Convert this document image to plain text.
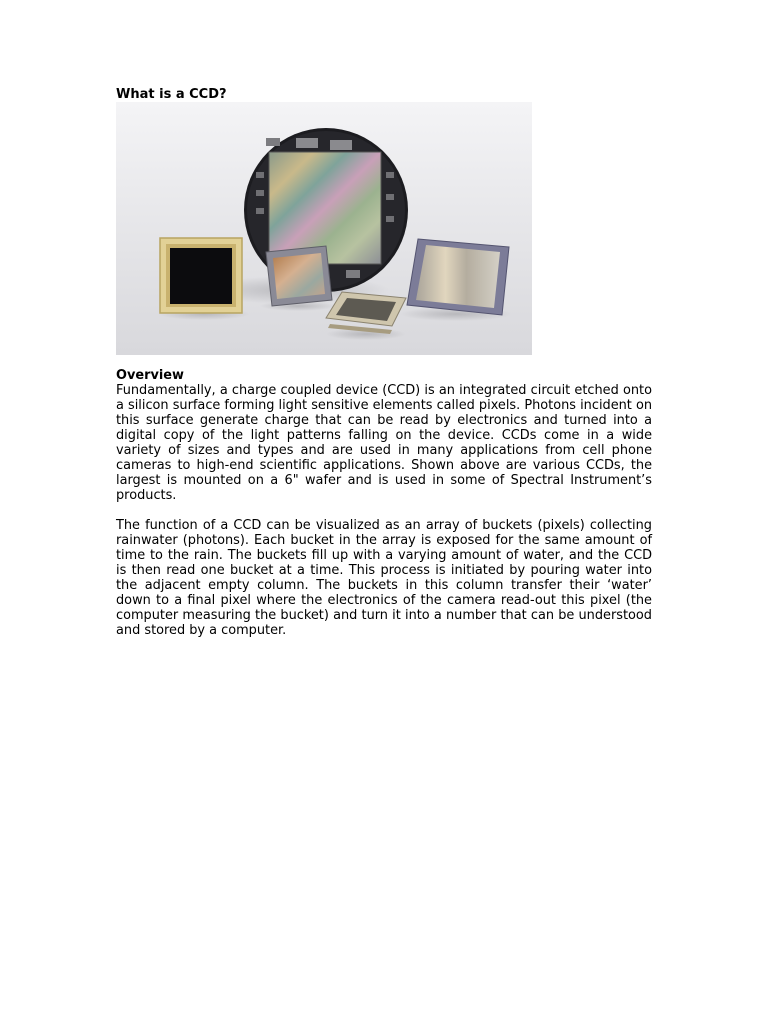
What is a CCD?

Overview

Fundamentally, a charge coupled device (CCD) is an integrated circuit etched onto a silicon surface forming light sensitive elements called pixels. Photons incident on this surface generate charge that can be read by electronics and turned into a digital copy of the light patterns falling on the device. CCDs come in a wide variety of sizes and types and are used in many applications from cell phone cameras to high-end scientific applications. Shown above are various CCDs, the largest is mounted on a 6" wafer and is used in some of Spectral Instrument’s products.

The function of a CCD can be visualized as an array of buckets (pixels) collecting rainwater (photons). Each bucket in the array is exposed for the same amount of time to the rain. The buckets fill up with a varying amount of water, and the CCD is then read one bucket at a time. This process is initiated by pouring water into the adjacent empty column. The buckets in this column transfer their ‘water’ down to a final pixel where the electronics of the camera read-out this pixel (the computer measuring the bucket) and turn it into a number that can be understood and stored by a computer.
